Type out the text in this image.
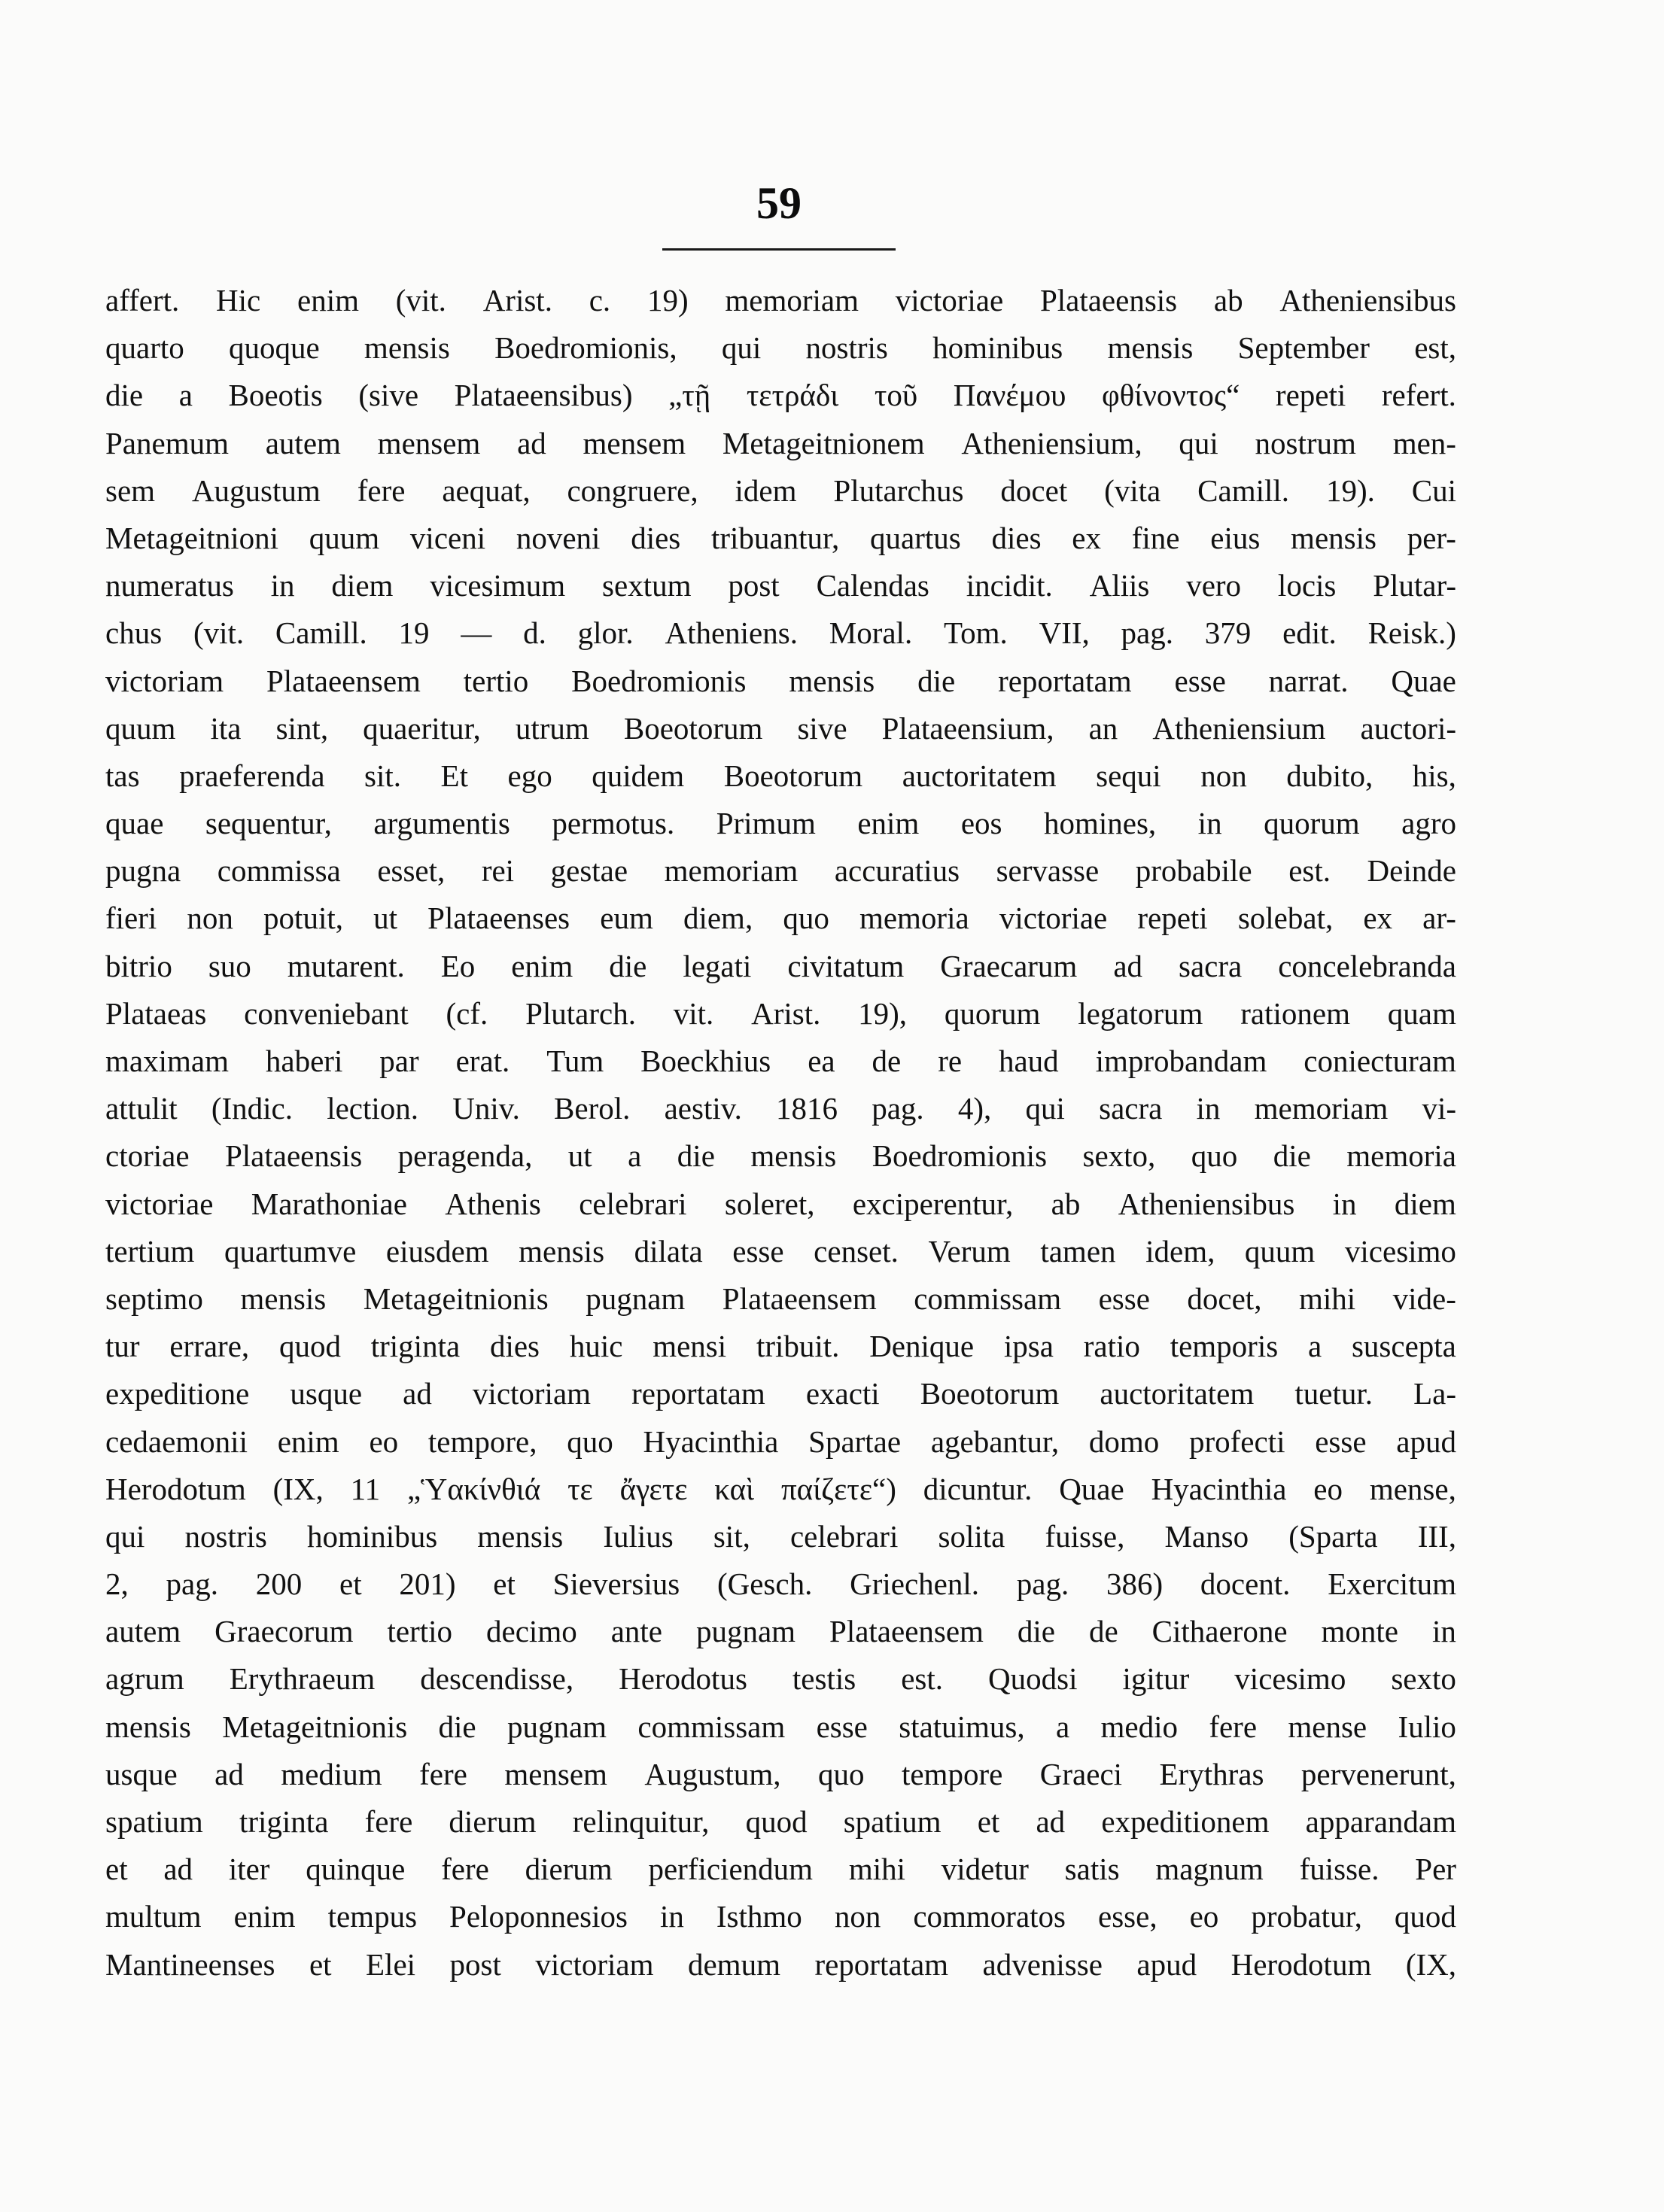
59
affert. Hic enim (vit. Arist. c. 19) memoriam victoriae Plataeensis ab Atheniensibus
quarto quoque mensis Boedromionis, qui nostris hominibus mensis September est,
die a Boeotis (sive Plataeensibus) „τῇ τετράδι τοῦ Πανέμου φθίνοντος“ repeti refert.
Panemum autem mensem ad mensem Metageitnionem Atheniensium, qui nostrum men-
sem Augustum fere aequat, congruere, idem Plutarchus docet (vita Camill. 19). Cui
Metageitnioni quum viceni noveni dies tribuantur, quartus dies ex fine eius mensis per-
numeratus in diem vicesimum sextum post Calendas incidit. Aliis vero locis Plutar-
chus (vit. Camill. 19 — d. glor. Atheniens. Moral. Tom. VII, pag. 379 edit. Reisk.)
victoriam Plataeensem tertio Boedromionis mensis die reportatam esse narrat. Quae
quum ita sint, quaeritur, utrum Boeotorum sive Plataeensium, an Atheniensium auctori-
tas praeferenda sit. Et ego quidem Boeotorum auctoritatem sequi non dubito, his,
quae sequentur, argumentis permotus. Primum enim eos homines, in quorum agro
pugna commissa esset, rei gestae memoriam accuratius servasse probabile est. Deinde
fieri non potuit, ut Plataeenses eum diem, quo memoria victoriae repeti solebat, ex ar-
bitrio suo mutarent. Eo enim die legati civitatum Graecarum ad sacra concelebranda
Plataeas conveniebant (cf. Plutarch. vit. Arist. 19), quorum legatorum rationem quam
maximam haberi par erat. Tum Boeckhius ea de re haud improbandam coniecturam
attulit (Indic. lection. Univ. Berol. aestiv. 1816 pag. 4), qui sacra in memoriam vi-
ctoriae Plataeensis peragenda, ut a die mensis Boedromionis sexto, quo die memoria
victoriae Marathoniae Athenis celebrari soleret, exciperentur, ab Atheniensibus in diem
tertium quartumve eiusdem mensis dilata esse censet. Verum tamen idem, quum vicesimo
septimo mensis Metageitnionis pugnam Plataeensem commissam esse docet, mihi vide-
tur errare, quod triginta dies huic mensi tribuit. Denique ipsa ratio temporis a suscepta
expeditione usque ad victoriam reportatam exacti Boeotorum auctoritatem tuetur. La-
cedaemonii enim eo tempore, quo Hyacinthia Spartae agebantur, domo profecti esse apud
Herodotum (IX, 11 „Ὑακίνθιά τε ἄγετε καὶ παίζετε“) dicuntur. Quae Hyacinthia eo mense,
qui nostris hominibus mensis Iulius sit, celebrari solita fuisse, Manso (Sparta III,
2, pag. 200 et 201) et Sieversius (Gesch. Griechenl. pag. 386) docent. Exercitum
autem Graecorum tertio decimo ante pugnam Plataeensem die de Cithaerone monte in
agrum Erythraeum descendisse, Herodotus testis est. Quodsi igitur vicesimo sexto
mensis Metageitnionis die pugnam commissam esse statuimus, a medio fere mense Iulio
usque ad medium fere mensem Augustum, quo tempore Graeci Erythras pervenerunt,
spatium triginta fere dierum relinquitur, quod spatium et ad expeditionem apparandam
et ad iter quinque fere dierum perficiendum mihi videtur satis magnum fuisse. Per
multum enim tempus Peloponnesios in Isthmo non commoratos esse, eo probatur, quod
Mantineenses et Elei post victoriam demum reportatam advenisse apud Herodotum (IX,
